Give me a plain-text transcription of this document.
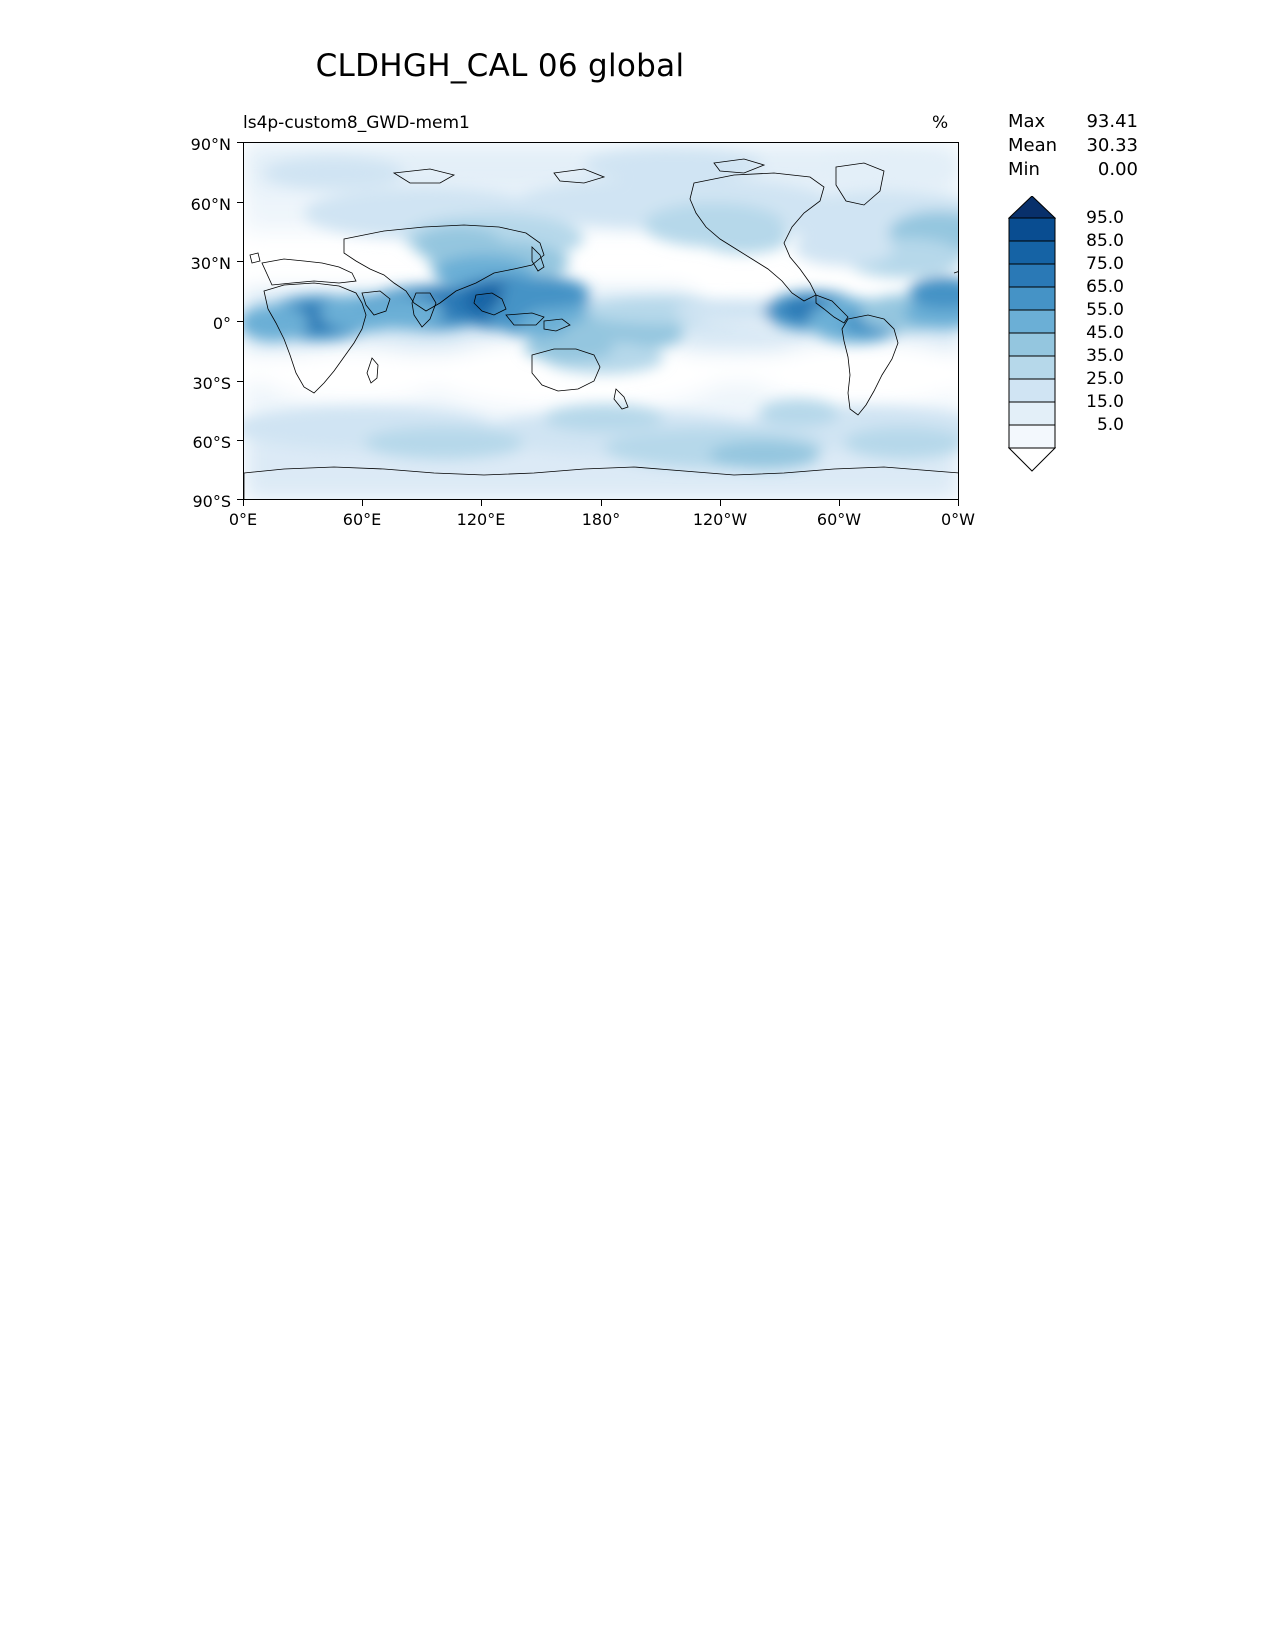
CLDHGH_CAL 06 global
ls4p-custom8_GWD-mem1	%	Max 93.41
Mean 30.33
Min	0.00
90°N
60°N
30°N
0°
30°S
60°S
90°S
0°E	60°E	120°E	180°	120°W	60°W	0°W
95.0
85.0
75.0
65.0
55.0
45.0
35.0
25.0
15.0
5.0
